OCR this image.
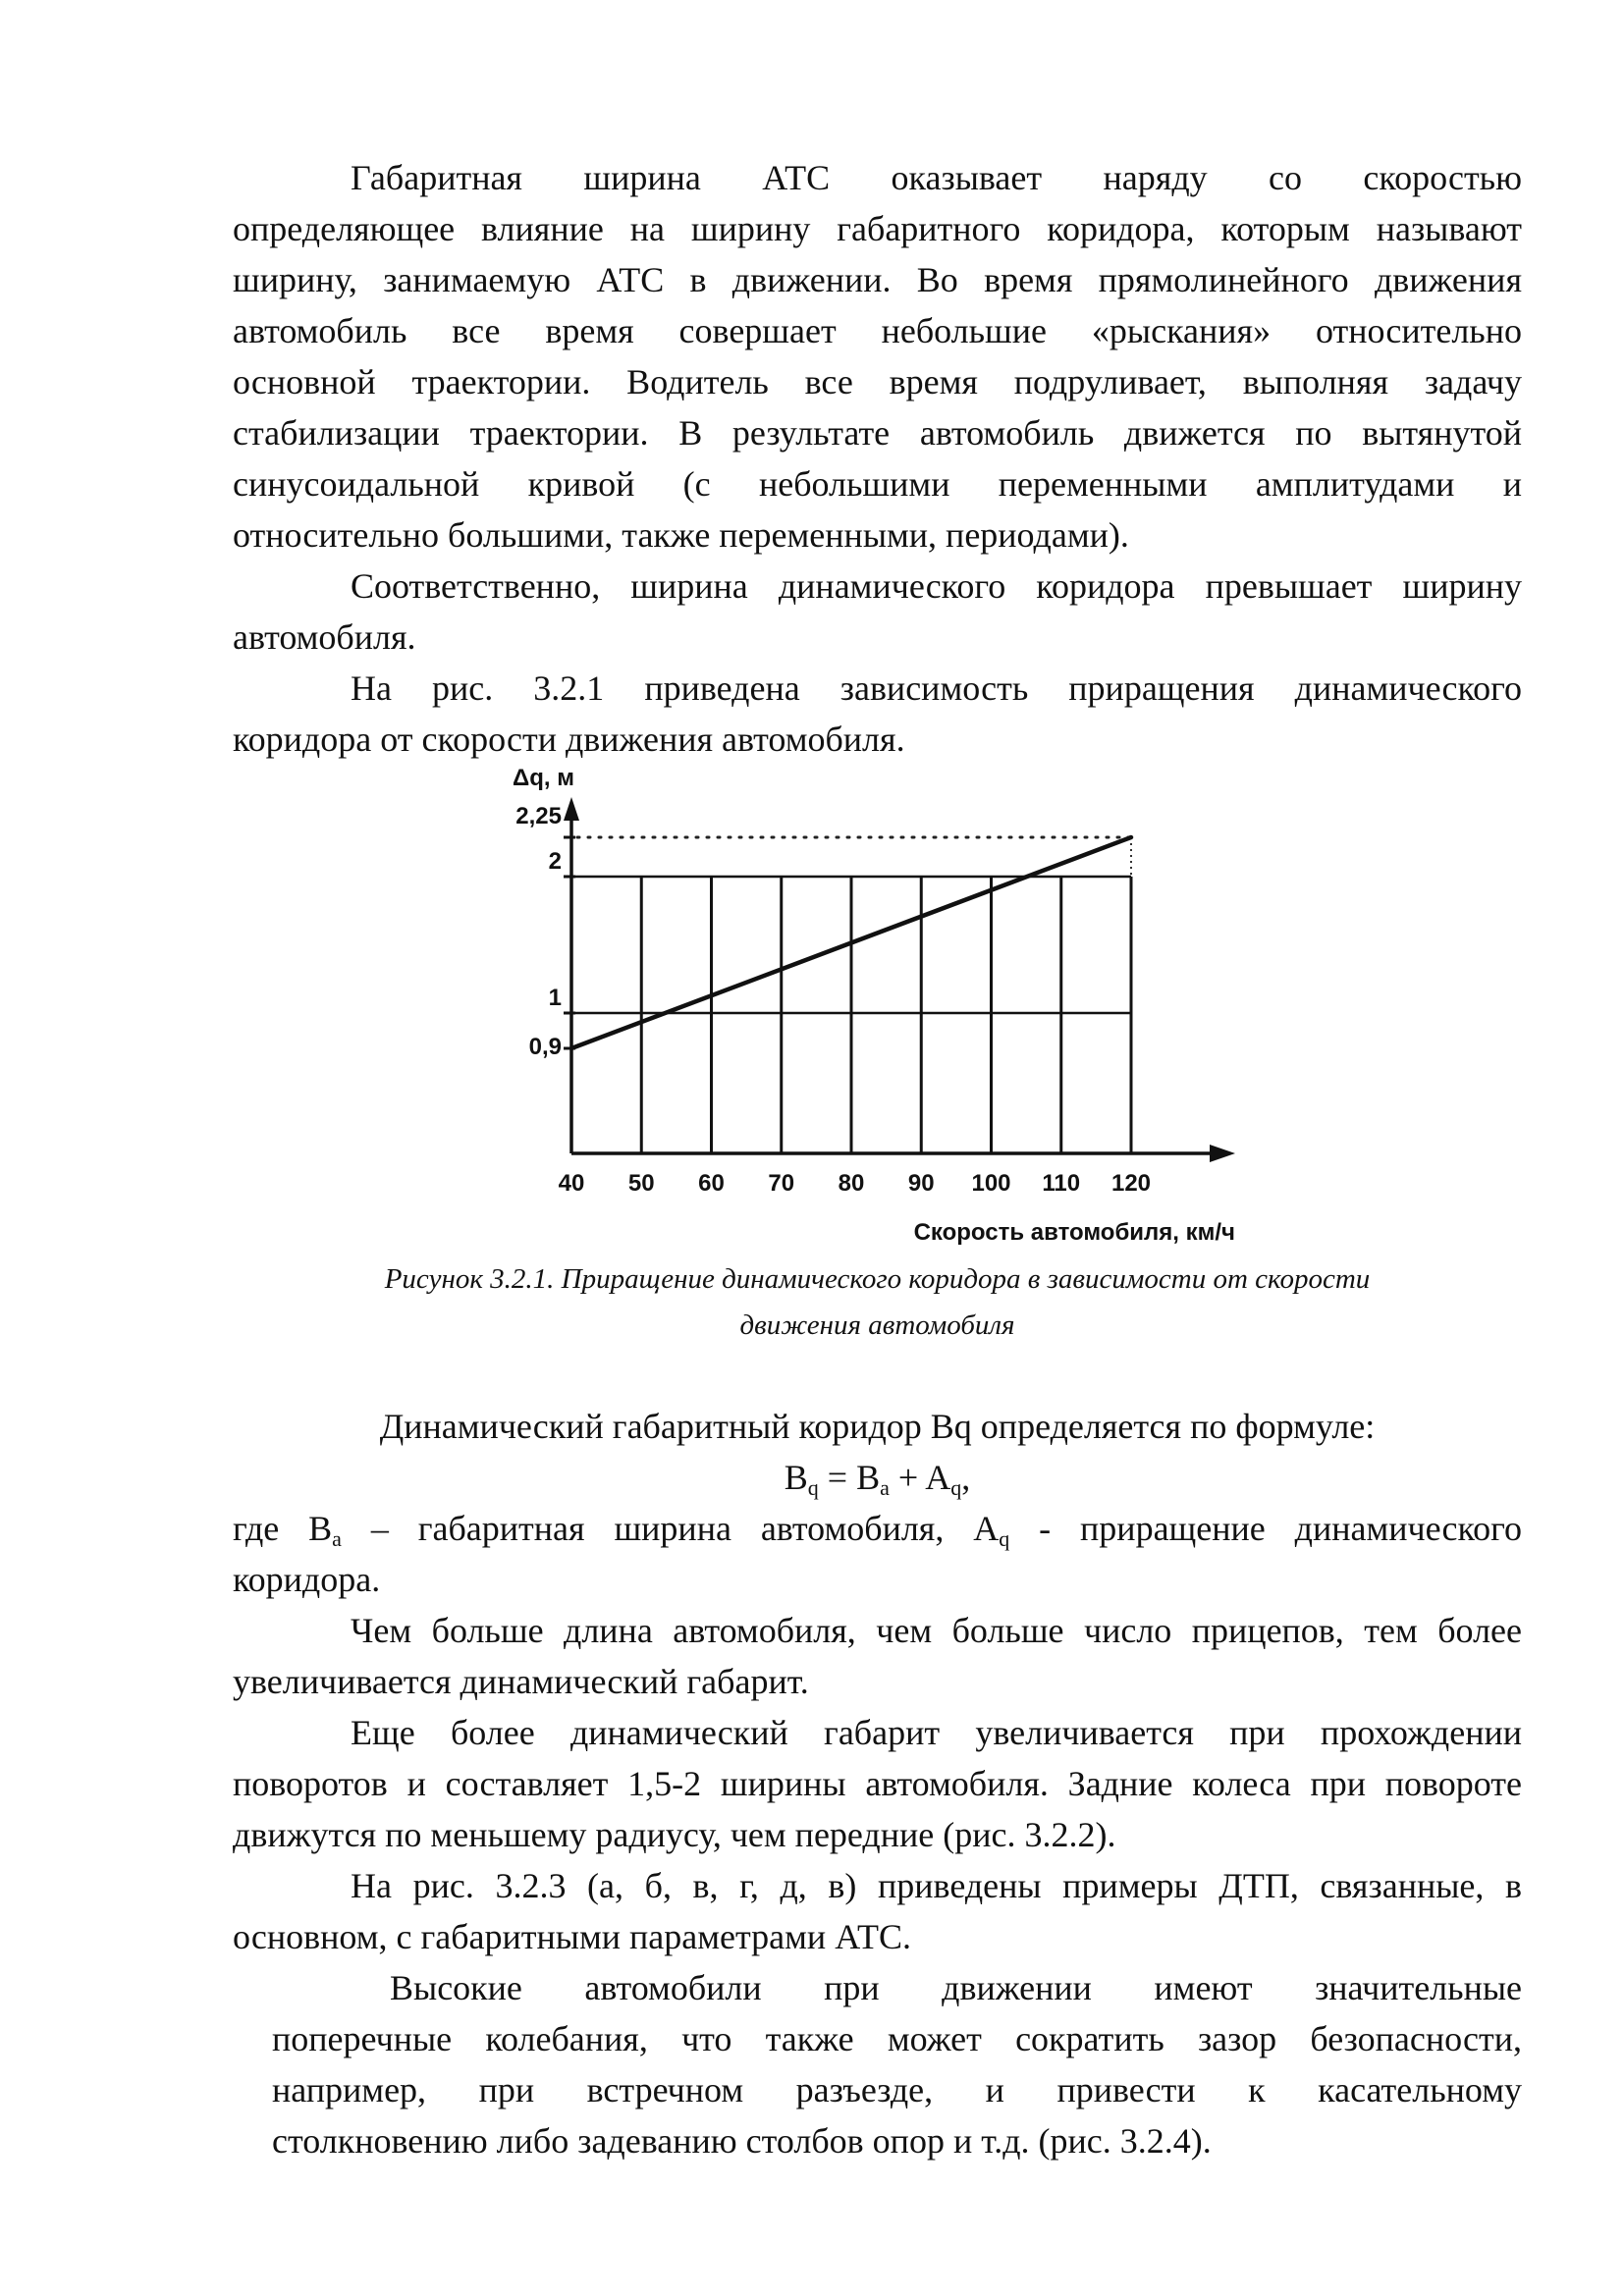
Габаритная ширина АТС оказывает наряду со скоростью
определяющее влияние на ширину габаритного коридора, которым называют
ширину, занимаемую АТС в движении. Во время прямолинейного движения
автомобиль все время совершает небольшие «рыскания» относительно
основной траектории. Водитель все время подруливает, выполняя задачу
стабилизации траектории. В результате автомобиль движется по вытянутой
синусоидальной кривой (с небольшими переменными амплитудами и
относительно большими, также переменными, периодами).
Соответственно, ширина динамического коридора превышает ширину
автомобиля.
На рис. 3.2.1 приведена зависимость приращения динамического
коридора от скорости движения автомобиля.
40 50 60 70 80 90 100 110 120
0,9
1
2
2,25
Δq, м
Скорость автомобиля, км/ч
Рисунок 3.2.1. Приращение динамического коридора в зависимости от скорости
движения автомобиля
Динамический габаритный коридор Bq определяется по формуле:
$B_q = B_a + A_q$,
где $B_a$ – габаритная ширина автомобиля, $A_q$ - приращение динамического
коридора.
Чем больше длина автомобиля, чем больше число прицепов, тем более
увеличивается динамический габарит.
Еще более динамический габарит увеличивается при прохождении
поворотов и составляет 1,5-2 ширины автомобиля. Задние колеса при повороте
движутся по меньшему радиусу, чем передние (рис. 3.2.2).
На рис. 3.2.3 (а, б, в, г, д, в) приведены примеры ДТП, связанные, в
основном, с габаритными параметрами АТС.
Высокие автомобили при движении имеют значительные
поперечные колебания, что также может сократить зазор безопасности,
например, при встречном разъезде, и привести к касательному
столкновению либо задеванию столбов опор и т.д. (рис. 3.2.4).
